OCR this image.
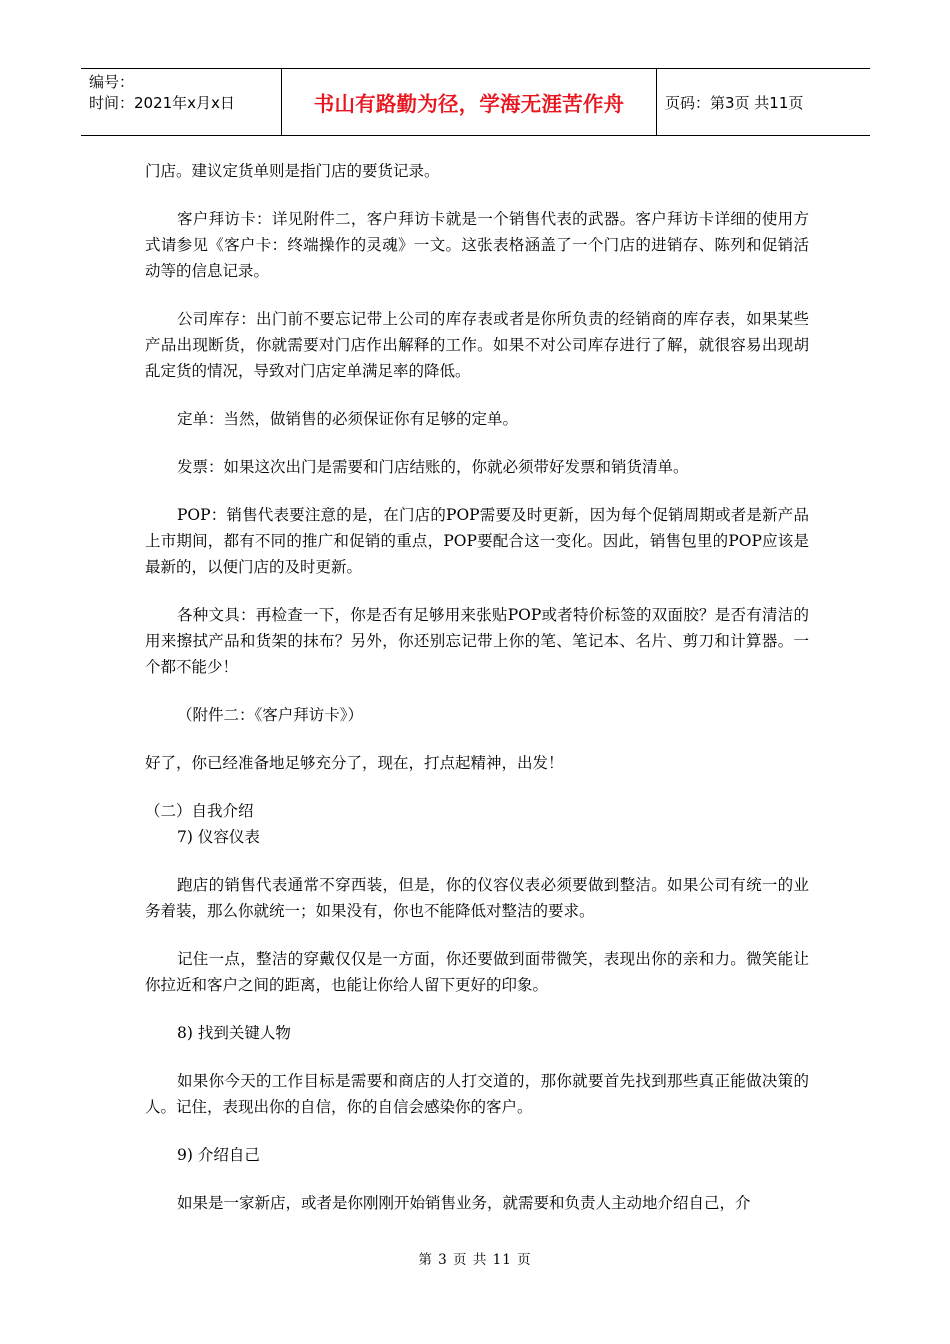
编号：
时间：2021年x月x日	书山有路勤为径，学海无涯苦作舟	页码：第3页 共11页

门店。建议定货单则是指门店的要货记录。

客户拜访卡：详见附件二，客户拜访卡就是一个销售代表的武器。客户拜访卡详细的使用方式请参见《客户卡：终端操作的灵魂》一文。这张表格涵盖了一个门店的进销存、陈列和促销活动等的信息记录。

公司库存：出门前不要忘记带上公司的库存表或者是你所负责的经销商的库存表，如果某些产品出现断货，你就需要对门店作出解释的工作。如果不对公司库存进行了解，就很容易出现胡乱定货的情况，导致对门店定单满足率的降低。

定单：当然，做销售的必须保证你有足够的定单。

发票：如果这次出门是需要和门店结账的，你就必须带好发票和销货清单。

POP：销售代表要注意的是，在门店的POP需要及时更新，因为每个促销周期或者是新产品上市期间，都有不同的推广和促销的重点，POP要配合这一变化。因此，销售包里的POP应该是最新的，以便门店的及时更新。

各种文具：再检查一下，你是否有足够用来张贴POP或者特价标签的双面胶？是否有清洁的用来擦拭产品和货架的抹布？另外，你还别忘记带上你的笔、笔记本、名片、剪刀和计算器。一个都不能少！

（附件二：《客户拜访卡》）

好了，你已经准备地足够充分了，现在，打点起精神，出发！

（二）自我介绍

7) 仪容仪表

跑店的销售代表通常不穿西装，但是，你的仪容仪表必须要做到整洁。如果公司有统一的业务着装，那么你就统一；如果没有，你也不能降低对整洁的要求。

记住一点，整洁的穿戴仅仅是一方面，你还要做到面带微笑，表现出你的亲和力。微笑能让你拉近和客户之间的距离，也能让你给人留下更好的印象。

8) 找到关键人物

如果你今天的工作目标是需要和商店的人打交道的，那你就要首先找到那些真正能做决策的人。记住，表现出你的自信，你的自信会感染你的客户。

9) 介绍自己

如果是一家新店，或者是你刚刚开始销售业务，就需要和负责人主动地介绍自己，介

第 3 页 共 11 页
